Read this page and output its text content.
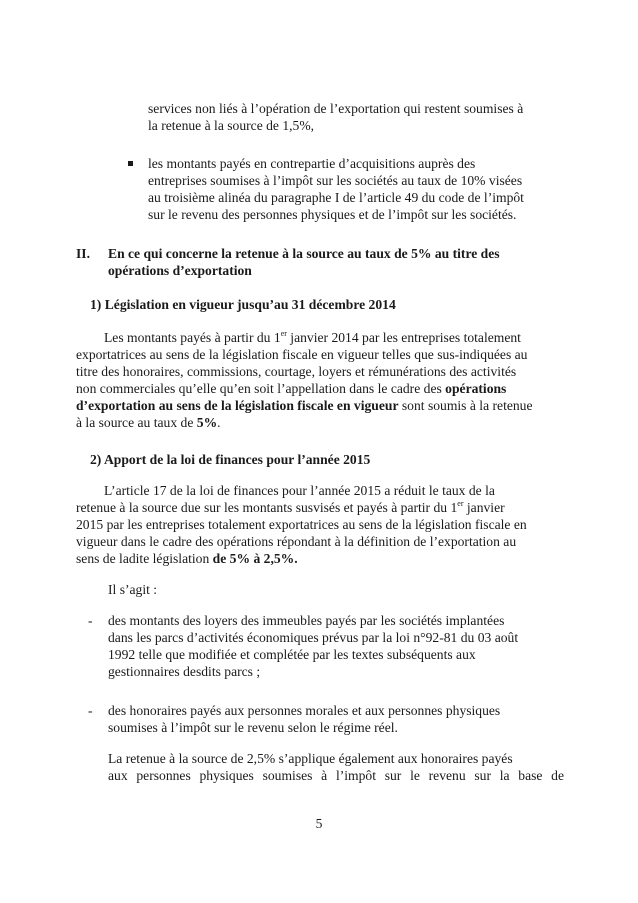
services non liés à l’opération de l’exportation qui restent soumises à

la retenue à la source de 1,5%,

les montants payés en contrepartie d’acquisitions auprès des

entreprises soumises à l’impôt sur les sociétés au taux de 10% visées

au troisième alinéa du paragraphe I de l’article 49 du code de l’impôt

sur le revenu des personnes physiques et de l’impôt sur les sociétés.

II. En ce qui concerne la retenue à la source au taux de 5% au titre des

opérations d’exportation

1) Législation en vigueur jusqu’au 31 décembre 2014

Les montants payés à partir du 1er janvier 2014 par les entreprises totalement

exportatrices au sens de la législation fiscale en vigueur telles que sus-indiquées au

titre des honoraires, commissions, courtage, loyers et rémunérations des activités

non commerciales qu’elle qu’en soit l’appellation dans le cadre des opérations

d’exportation au sens de la législation fiscale en vigueur sont soumis à la retenue

à la source au taux de 5%.

2) Apport de la loi de finances pour l’année 2015

L’article 17 de la loi de finances pour l’année 2015 a réduit le taux de la

retenue à la source due sur les montants susvisés et payés à partir du 1er janvier

2015 par les entreprises totalement exportatrices au sens de la législation fiscale en

vigueur dans le cadre des opérations répondant à la définition de l’exportation au

sens de ladite législation de 5% à 2,5%.

Il s’agit :
- des montants des loyers des immeubles payés par les sociétés implantées

dans les parcs d’activités économiques prévus par la loi n°92-81 du 03 août

1992 telle que modifiée et complétée par les textes subséquents aux

gestionnaires desdits parcs ;

- des honoraires payés aux personnes morales et aux personnes physiques

soumises à l’impôt sur le revenu selon le régime réel.

La retenue à la source de 2,5% s’applique également aux honoraires payés

aux personnes physiques soumises à l’impôt sur le revenu sur la base de

5
